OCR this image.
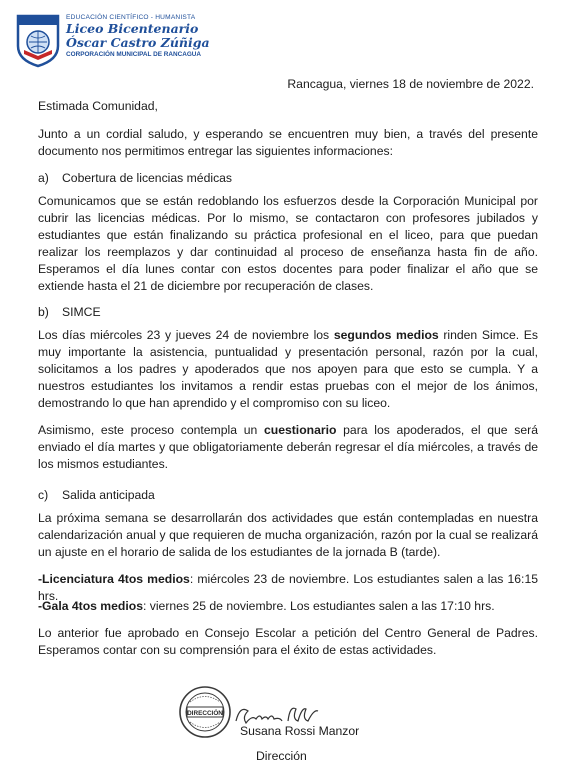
EDUCACIÓN CIENTÍFICO - HUMANISTA
Liceo Bicentenario
Óscar Castro Zúñiga
CORPORACIÓN MUNICIPAL DE RANCAGUA
Rancagua, viernes 18 de noviembre de 2022.

Estimada Comunidad,

Junto a un cordial saludo, y esperando se encuentren muy bien, a través del presente documento nos permitimos entregar las siguientes informaciones:

a) Cobertura de licencias médicas

Comunicamos que se están redoblando los esfuerzos desde la Corporación Municipal por cubrir las licencias médicas. Por lo mismo, se contactaron con profesores jubilados y estudiantes que están finalizando su práctica profesional en el liceo, para que puedan realizar los reemplazos y dar continuidad al proceso de enseñanza hasta fin de año. Esperamos el día lunes contar con estos docentes para poder finalizar el año que se extiende hasta el 21 de diciembre por recuperación de clases.

b) SIMCE

Los días miércoles 23 y jueves 24 de noviembre los segundos medios rinden Simce. Es muy importante la asistencia, puntualidad y presentación personal, razón por la cual, solicitamos a los padres y apoderados que nos apoyen para que esto se cumpla. Y a nuestros estudiantes los invitamos a rendir estas pruebas con el mejor de los ánimos, demostrando lo que han aprendido y el compromiso con su liceo.

Asimismo, este proceso contempla un cuestionario para los apoderados, el que será enviado el día martes y que obligatoriamente deberán regresar el día miércoles, a través de los mismos estudiantes.

c) Salida anticipada

La próxima semana se desarrollarán dos actividades que están contempladas en nuestra calendarización anual y que requieren de mucha organización, razón por la cual se realizará un ajuste en el horario de salida de los estudiantes de la jornada B (tarde).

-Licenciatura 4tos medios: miércoles 23 de noviembre. Los estudiantes salen a las 16:15 hrs.

-Gala 4tos medios: viernes 25 de noviembre. Los estudiantes salen a las 17:10 hrs.

Lo anterior fue aprobado en Consejo Escolar a petición del Centro General de Padres. Esperamos contar con su comprensión para el éxito de estas actividades.

DIRECCIÓN
Susana Rossi Manzor
Dirección
